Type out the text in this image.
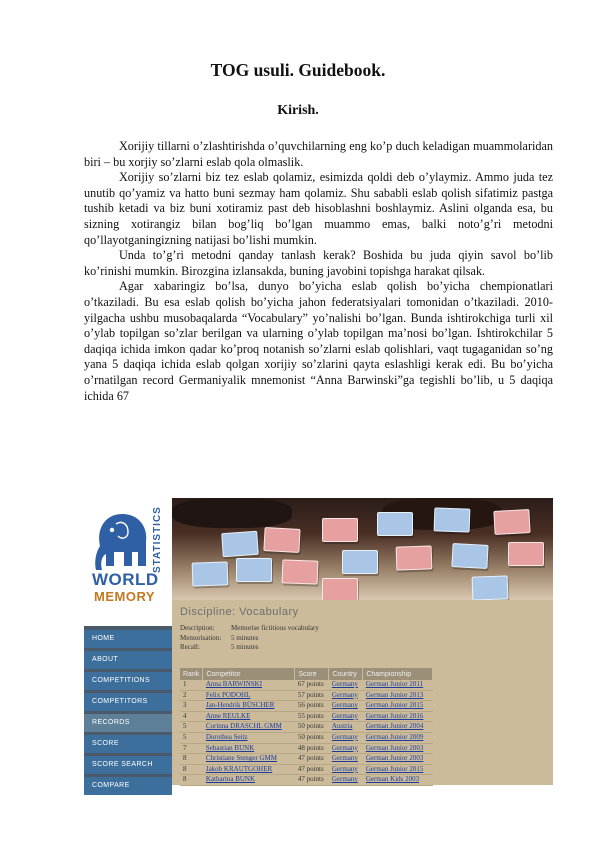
TOG usuli. Guidebook.
Kirish.

Xorijiy tillarni o’zlashtirishda o’quvchilarning eng ko’p duch keladigan muammolaridan biri – bu xorjiy so’zlarni eslab qola olmaslik.

Xorijiy so’zlarni biz tez eslab qolamiz, esimizda qoldi deb o’ylaymiz. Ammo juda tez unutib qo’yamiz va hatto buni sezmay ham qolamiz. Shu sababli eslab qolish sifatimiz pastga tushib ketadi va biz buni xotiramiz past deb hisoblashni boshlaymiz. Aslini olganda esa, bu sizning xotirangiz bilan bog’liq bo’lgan muammo emas, balki noto’g’ri metodni qo’llayotganingizning natijasi bo’lishi mumkin.

Unda to’g’ri metodni qanday tanlash kerak? Boshida bu juda qiyin savol bo’lib ko’rinishi mumkin. Birozgina izlansakda, buning javobini topishga harakat qilsak.

Agar xabaringiz bo’lsa, dunyo bo’yicha eslab qolish bo’yicha chempionatlari o’tkaziladi. Bu esa eslab qolish bo’yicha jahon federatsiyalari tomonidan o’tkaziladi. 2010-yilgacha ushbu musobaqalarda “Vocabulary” yo’nalishi bo’lgan. Bunda ishtirokchiga turli xil o’ylab topilgan so’zlar berilgan va ularning o’ylab topilgan ma’nosi bo’lgan. Ishtirokchilar 5 daqiqa ichida imkon qadar ko’proq notanish so’zlarni eslab qolishlari, vaqt tugaganidan so’ng yana 5 daqiqa ichida eslab qolgan xorijiy so’zlarini qayta eslashligi kerak edi. Bu bo’yicha o’rnatilgan record Germaniyalik mnemonist “Anna Barwinski”ga tegishli bo’lib, u 5 daqiqa ichida 67

STATISTICS
WORLD
MEMORY
HOME
ABOUT
COMPETITIONS
COMPETITORS
RECORDS
SCORE
SCORE SEARCH
COMPARE
Discipline: Vocabulary
Description:	Memorise fictitious vocabulary
Memorisation:	5 minutes
Recall:	5 minutes
Rank	Competitor	Score	Country	Championship
1	Anna BARWINSKI	67 points	Germany	German Junior 2011
2	Felix PODOHL	57 points	Germany	German Junior 2013
3	Jan-Hendrik BÜSCHER	56 points	Germany	German Junior 2015
4	Anne REULKE	55 points	Germany	German Junior 2016
5	Corinna DRASCHL GMM	50 points	Austria	German Junior 2004
5	Dorothea Seitz	50 points	Germany	German Junior 2009
7	Sebastian BUNK	48 points	Germany	German Junior 2003
8	Christiane Stenger GMM	47 points	Germany	German Junior 2003
8	Jakob KRAUTGOHER	47 points	Germany	German Junior 2015
8	Katharina BUNK	47 points	Germany	German Kids 2003
